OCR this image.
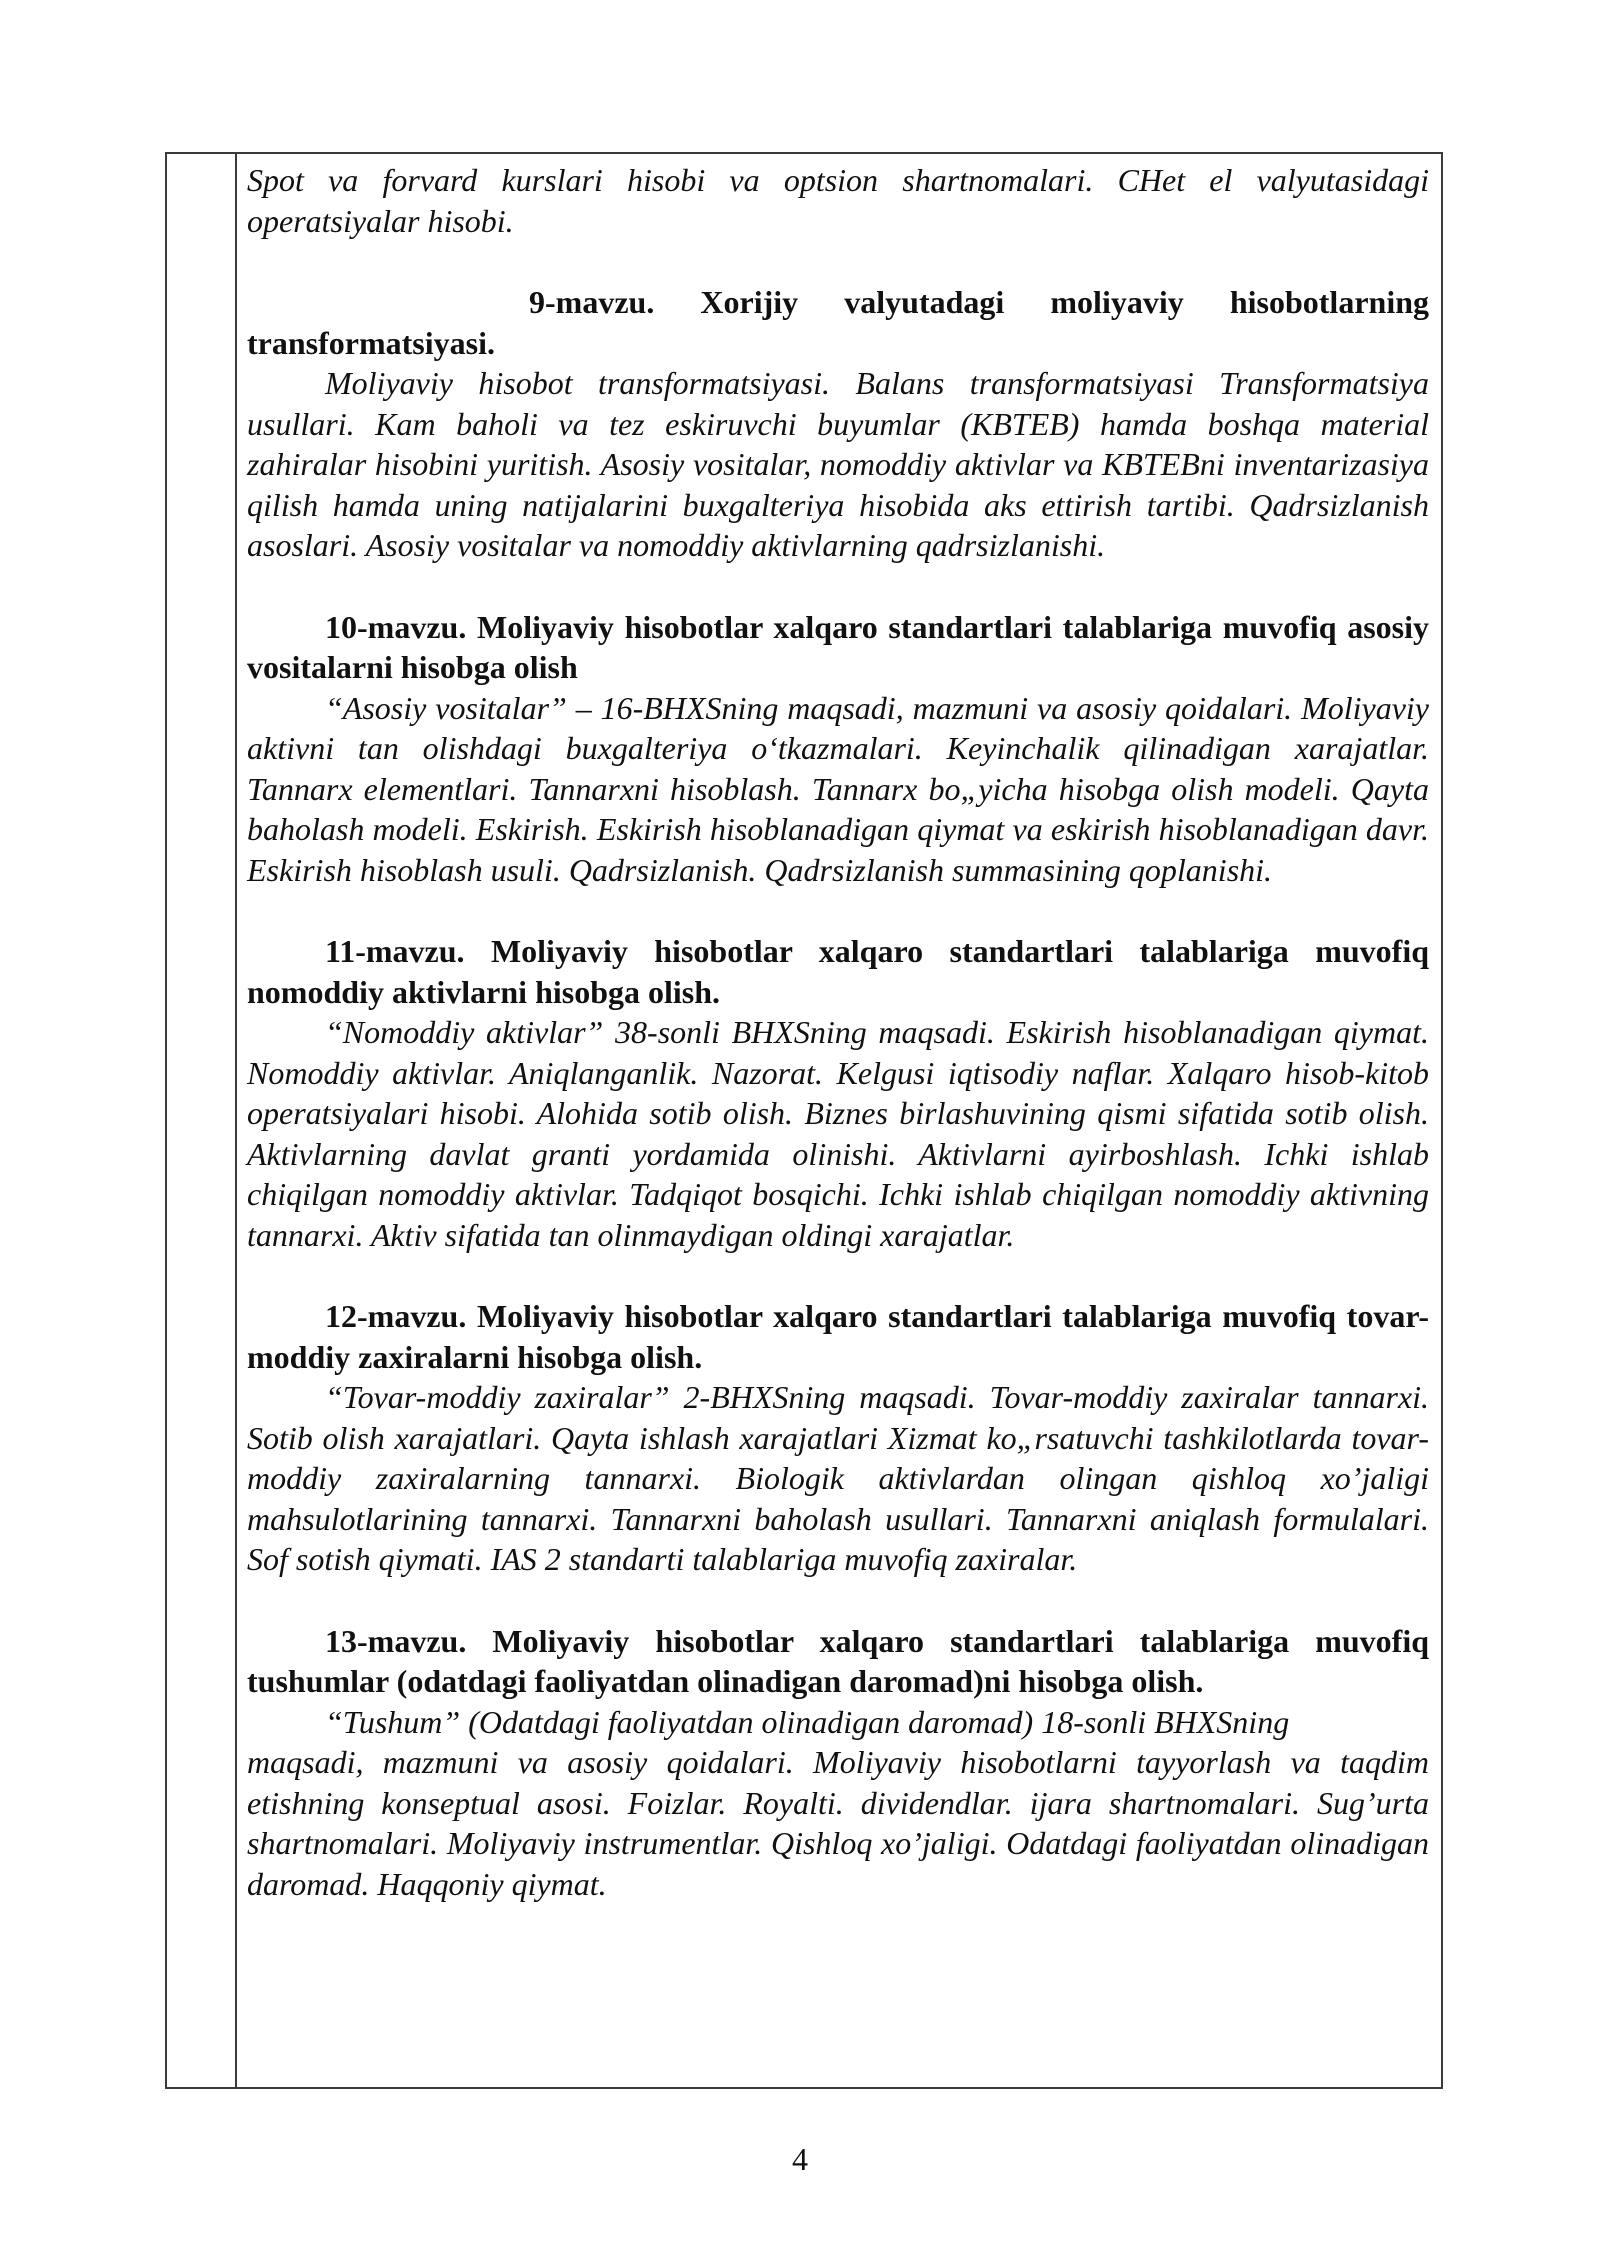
Spot va forvard kurslari hisobi va optsion shartnomalari. CHet el valyutasidagi operatsiyalar hisobi.

9-mavzu. Xorijiy valyutadagi moliyaviy hisobotlarning transformatsiyasi.

Moliyaviy hisobot transformatsiyasi. Balans transformatsiyasi Transformatsiya usullari. Kam baholi va tez eskiruvchi buyumlar (KBTEB) hamda boshqa material zahiralar hisobini yuritish. Asosiy vositalar, nomoddiy aktivlar va KBTEBni inventarizasiya qilish hamda uning natijalarini buxgalteriya hisobida aks ettirish tartibi. Qadrsizlanish asoslari. Asosiy vositalar va nomoddiy aktivlarning qadrsizlanishi.

10-mavzu. Moliyaviy hisobotlar xalqaro standartlari talablariga muvofiq asosiy vositalarni hisobga olish

“Asosiy vositalar” – 16-BHXSning maqsadi, mazmuni va asosiy qoidalari. Moliyaviy aktivni tan olishdagi buxgalteriya o‘tkazmalari. Keyinchalik qilinadigan xarajatlar. Tannarx elementlari. Tannarxni hisoblash. Tannarx bo„yicha hisobga olish modeli. Qayta baholash modeli. Eskirish. Eskirish hisoblanadigan qiymat va eskirish hisoblanadigan davr. Eskirish hisoblash usuli. Qadrsizlanish. Qadrsizlanish summasining qoplanishi.

11-mavzu. Moliyaviy hisobotlar xalqaro standartlari talablariga muvofiq nomoddiy aktivlarni hisobga olish.

“Nomoddiy aktivlar” 38-sonli BHXSning maqsadi. Eskirish hisoblanadigan qiymat. Nomoddiy aktivlar. Aniqlanganlik. Nazorat. Kelgusi iqtisodiy naflar. Xalqaro hisob-kitob operatsiyalari hisobi. Alohida sotib olish. Biznes birlashuvining qismi sifatida sotib olish. Aktivlarning davlat granti yordamida olinishi. Aktivlarni ayirboshlash. Ichki ishlab chiqilgan nomoddiy aktivlar. Tadqiqot bosqichi. Ichki ishlab chiqilgan nomoddiy aktivning tannarxi. Aktiv sifatida tan olinmaydigan oldingi xarajatlar.

12-mavzu. Moliyaviy hisobotlar xalqaro standartlari talablariga muvofiq tovar-moddiy zaxiralarni hisobga olish.

“Tovar-moddiy zaxiralar” 2-BHXSning maqsadi. Tovar-moddiy zaxiralar tannarxi. Sotib olish xarajatlari. Qayta ishlash xarajatlari Xizmat ko„rsatuvchi tashkilotlarda tovar-moddiy zaxiralarning tannarxi. Biologik aktivlardan olingan qishloq xo’jaligi mahsulotlarining tannarxi. Tannarxni baholash usullari. Tannarxni aniqlash formulalari. Sof sotish qiymati. IAS 2 standarti talablariga muvofiq zaxiralar.

13-mavzu. Moliyaviy hisobotlar xalqaro standartlari talablariga muvofiq tushumlar (odatdagi faoliyatdan olinadigan daromad)ni hisobga olish.

“Tushum” (Odatdagi faoliyatdan olinadigan daromad) 18-sonli BHXSning

maqsadi, mazmuni va asosiy qoidalari. Moliyaviy hisobotlarni tayyorlash va taqdim etishning konseptual asosi. Foizlar. Royalti. dividendlar. ijara shartnomalari. Sug’urta shartnomalari. Moliyaviy instrumentlar. Qishloq xo’jaligi. Odatdagi faoliyatdan olinadigan daromad. Haqqoniy qiymat.

4
